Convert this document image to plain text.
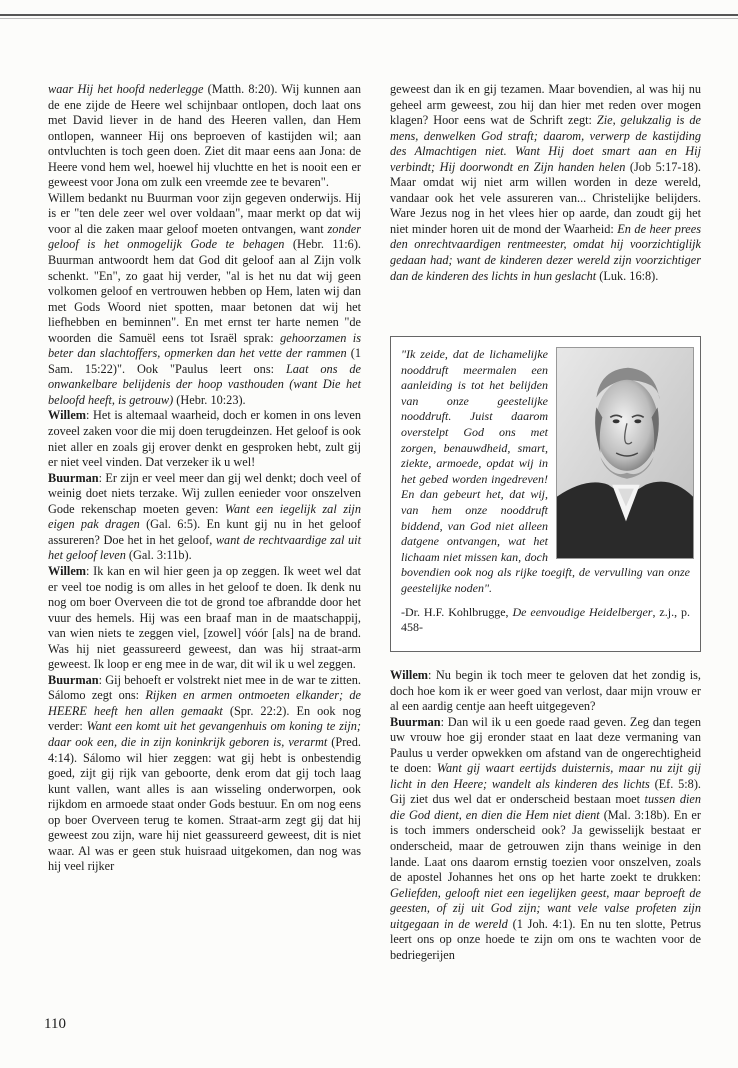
waar Hij het hoofd nederlegge (Matth. 8:20). Wij kunnen aan de ene zijde de Heere wel schijnbaar ontlopen, doch laat ons met David liever in de hand des Heeren vallen, dan Hem ontlopen, wanneer Hij ons beproeven of kastijden wil; aan ontvluchten is toch geen doen. Ziet dit maar eens aan Jona: de Heere vond hem wel, hoewel hij vluchtte en het is nooit een er geweest voor Jona om zulk een vreemde zee te bevaren".

Willem bedankt nu Buurman voor zijn gegeven onderwijs. Hij is er "ten dele zeer wel over voldaan", maar merkt op dat wij voor al die zaken maar geloof moeten ontvangen, want zonder geloof is het onmogelijk Gode te behagen (Hebr. 11:6). Buurman antwoordt hem dat God dit geloof aan al Zijn volk schenkt. "En", zo gaat hij verder, "al is het nu dat wij geen volkomen geloof en vertrouwen hebben op Hem, laten wij dan met Gods Woord niet spotten, maar betonen dat wij het liefhebben en beminnen". En met ernst ter harte nemen "de woorden die Samuël eens tot Israël sprak: gehoorzamen is beter dan slachtoffers, opmerken dan het vette der rammen (1 Sam. 15:22)". Ook "Paulus leert ons: Laat ons de onwankelbare belijdenis der hoop vasthouden (want Die het beloofd heeft, is getrouw) (Hebr. 10:23).

Willem: Het is altemaal waarheid, doch er komen in ons leven zoveel zaken voor die mij doen terugdeinzen. Het geloof is ook niet aller en zoals gij erover denkt en gesproken hebt, zult gij er niet veel vinden. Dat verzeker ik u wel!

Buurman: Er zijn er veel meer dan gij wel denkt; doch veel of weinig doet niets terzake. Wij zullen eenieder voor onszelven Gode rekenschap moeten geven: Want een iegelijk zal zijn eigen pak dragen (Gal. 6:5). En kunt gij nu in het geloof assureren? Doe het in het geloof, want de rechtvaardige zal uit het geloof leven (Gal. 3:11b).

Willem: Ik kan en wil hier geen ja op zeggen. Ik weet wel dat er veel toe nodig is om alles in het geloof te doen. Ik denk nu nog om boer Overveen die tot de grond toe afbrandde door het vuur des hemels. Hij was een braaf man in de maatschappij, van wien niets te zeggen viel, [zowel] vóór [als] na de brand. Was hij niet geassureerd geweest, dan was hij straat-arm geweest. Ik loop er eng mee in de war, dit wil ik u wel zeggen.

Buurman: Gij behoeft er volstrekt niet mee in de war te zitten. Sálomo zegt ons: Rijken en armen ontmoeten elkander; de HEERE heeft hen allen gemaakt (Spr. 22:2). En ook nog verder: Want een komt uit het gevangenhuis om koning te zijn; daar ook een, die in zijn koninkrijk geboren is, verarmt (Pred. 4:14). Sálomo wil hier zeggen: wat gij hebt is onbestendig goed, zijt gij rijk van geboorte, denk erom dat gij toch laag kunt vallen, want alles is aan wisseling onderworpen, ook rijkdom en armoede staat onder Gods bestuur. En om nog eens op boer Overveen terug te komen. Straat-arm zegt gij dat hij geweest zou zijn, ware hij niet geassureerd geweest, dit is niet waar. Al was er geen stuk huisraad uitgekomen, dan nog was hij veel rijker

geweest dan ik en gij tezamen. Maar bovendien, al was hij nu geheel arm geweest, zou hij dan hier met reden over mogen klagen? Hoor eens wat de Schrift zegt: Zie, gelukzalig is de mens, denwelken God straft; daarom, verwerp de kastijding des Almachtigen niet. Want Hij doet smart aan en Hij verbindt; Hij doorwondt en Zijn handen helen (Job 5:17-18). Maar omdat wij niet arm willen worden in deze wereld, vandaar ook het vele assureren van... Christelijke belijders. Ware Jezus nog in het vlees hier op aarde, dan zoudt gij het niet minder horen uit de mond der Waarheid: En de heer prees den onrechtvaardigen rentmeester, omdat hij voorzichtiglijk gedaan had; want de kinderen dezer wereld zijn voorzichtiger dan de kinderen des lichts in hun geslacht (Luk. 16:8).

"Ik zeide, dat de lichamelijke nooddruft meermalen een aanleiding is tot het belijden van onze geestelijke nooddruft. Juist daarom overstelpt God ons met zorgen, benauwdheid, smart, ziekte, armoede, opdat wij in het gebed worden ingedreven! En dan gebeurt het, dat wij, van hem onze nooddruft biddend, van God niet alleen datgene ontvangen, wat het lichaam niet missen kan, doch bovendien ook nog als rijke toegift, de vervulling van onze geestelijke noden".

-Dr. H.F. Kohlbrugge, De eenvoudige Heidelberger, z.j., p. 458-

Willem: Nu begin ik toch meer te geloven dat het zondig is, doch hoe kom ik er weer goed van verlost, daar mijn vrouw er al een aardig centje aan heeft uitgegeven?

Buurman: Dan wil ik u een goede raad geven. Zeg dan tegen uw vrouw hoe gij eronder staat en laat deze vermaning van Paulus u verder opwekken om afstand van de ongerechtigheid te doen: Want gij waart eertijds duisternis, maar nu zijt gij licht in den Heere; wandelt als kinderen des lichts (Ef. 5:8). Gij ziet dus wel dat er onderscheid bestaan moet tussen dien die God dient, en dien die Hem niet dient (Mal. 3:18b). En er is toch immers onderscheid ook? Ja gewisselijk bestaat er onderscheid, maar de getrouwen zijn thans weinige in den lande. Laat ons daarom ernstig toezien voor onszelven, zoals de apostel Johannes het ons op het harte zoekt te drukken: Geliefden, gelooft niet een iegelijken geest, maar beproeft de geesten, of zij uit God zijn; want vele valse profeten zijn uitgegaan in de wereld (1 Joh. 4:1). En nu ten slotte, Petrus leert ons op onze hoede te zijn om ons te wachten voor de bedriegerijen

110
